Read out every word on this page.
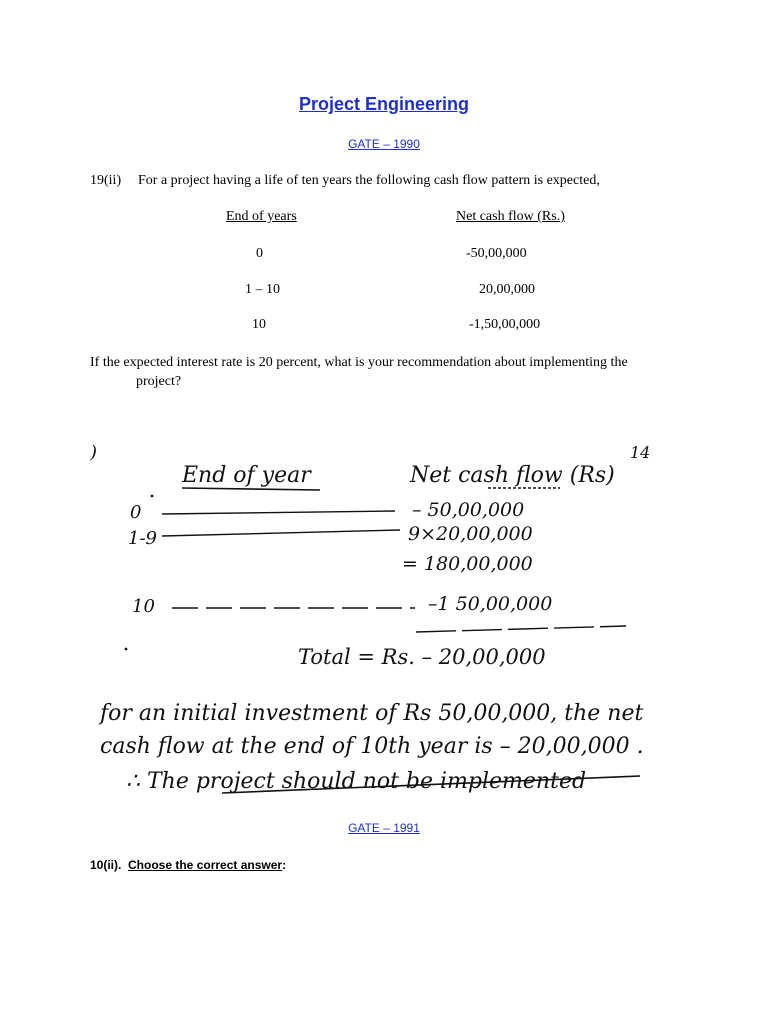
Project Engineering
GATE – 1990
19(ii) For a project having a life of ten years the following cash flow pattern is expected,
End of years	Net cash flow (Rs.)
0	-50,00,000
1 – 10	20,00,000
10	-1,50,00,000
If the expected interest rate is 20 percent, what is your recommendation about implementing the
project?
)	14
End of year	Net cash flow (Rs)
0	– 50,00,000
1-9	9×20,00,000
= 180,00,000
10	–1 50,00,000
Total = Rs. – 20,00,000
for an initial investment of Rs 50,00,000, the net
cash flow at the end of 10th year is – 20,00,000 .
∴ The project should not be implemented
GATE – 1991
10(ii). Choose the correct answer:
